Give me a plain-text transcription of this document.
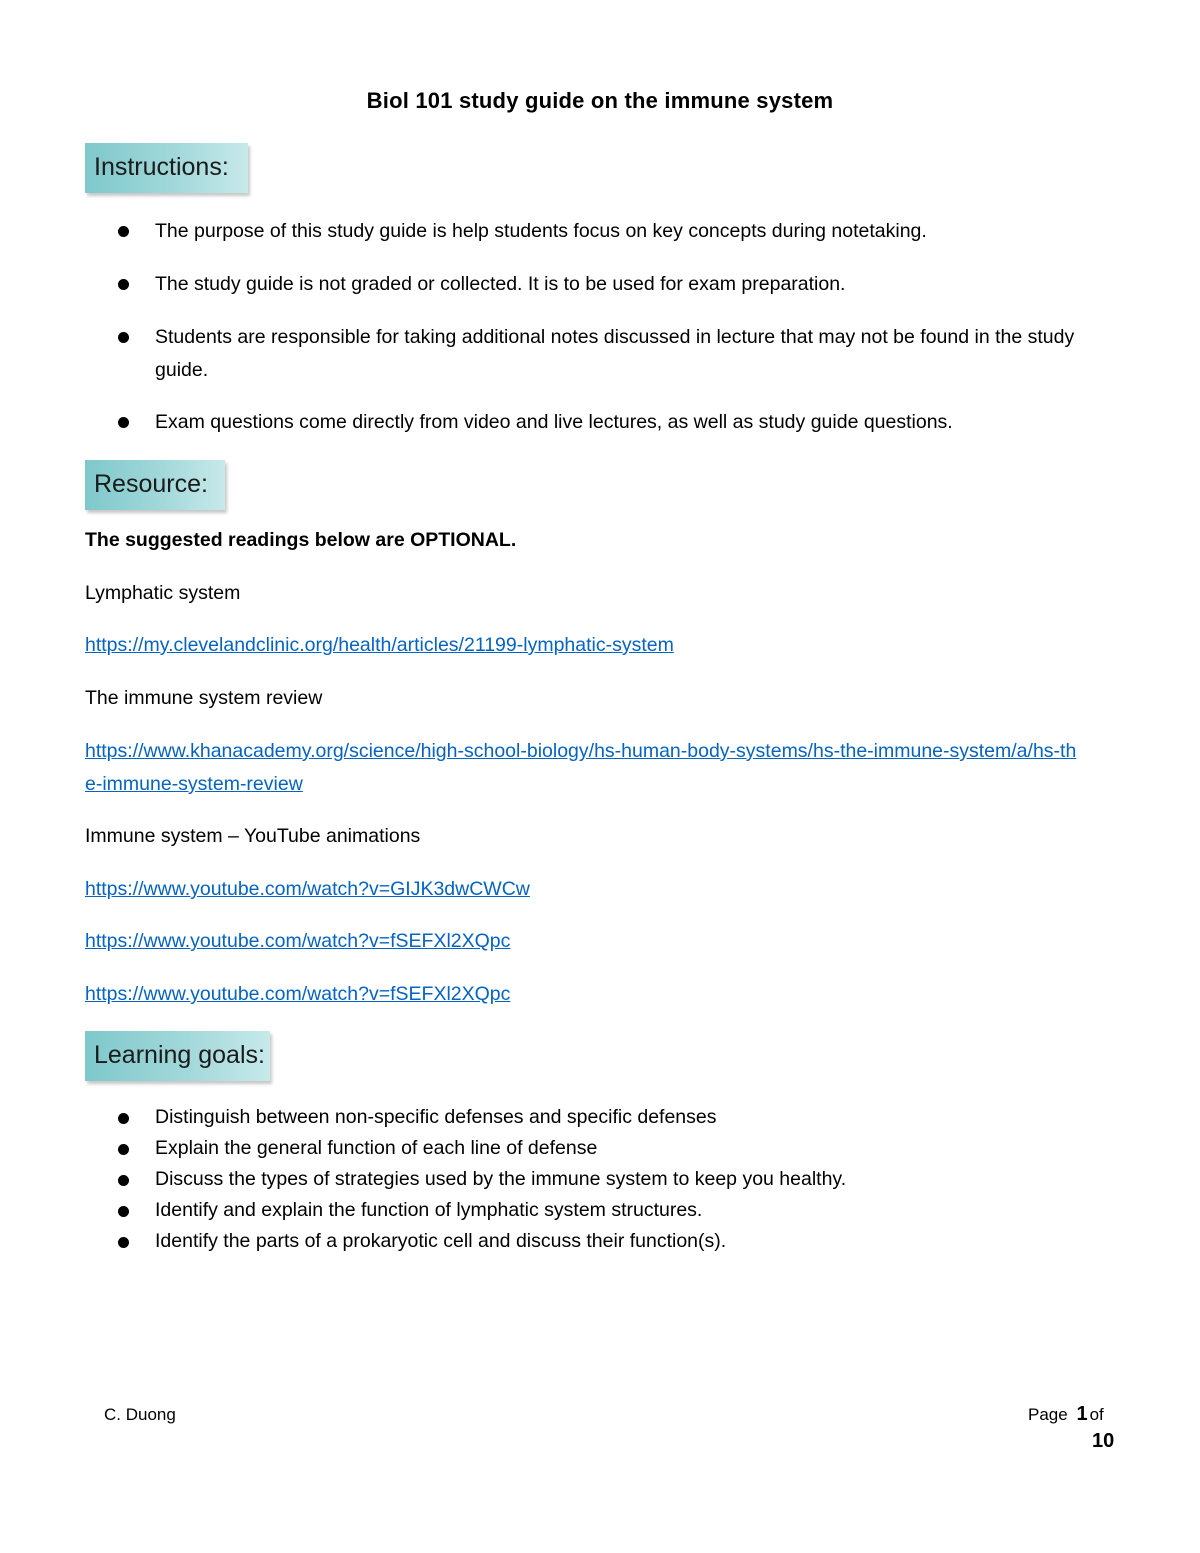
Biol 101 study guide on the immune system
Instructions:
The purpose of this study guide is help students focus on key concepts during notetaking.
The study guide is not graded or collected. It is to be used for exam preparation.
Students are responsible for taking additional notes discussed in lecture that may not be found in the study guide.
Exam questions come directly from video and live lectures, as well as study guide questions.
Resource:
The suggested readings below are OPTIONAL.
Lymphatic system
https://my.clevelandclinic.org/health/articles/21199-lymphatic-system
The immune system review
https://www.khanacademy.org/science/high-school-biology/hs-human-body-systems/hs-the-immune-system/a/hs-the-immune-system-review
Immune system – YouTube animations
https://www.youtube.com/watch?v=GIJK3dwCWCw
https://www.youtube.com/watch?v=fSEFXl2XQpc
https://www.youtube.com/watch?v=fSEFXl2XQpc
Learning goals:
Distinguish between non-specific defenses and specific defenses
Explain the general function of each line of defense
Discuss the types of strategies used by the immune system to keep you healthy.
Identify and explain the function of lymphatic system structures.
Identify the parts of a prokaryotic cell and discuss their function(s).
C. Duong	Page 1 of
10
